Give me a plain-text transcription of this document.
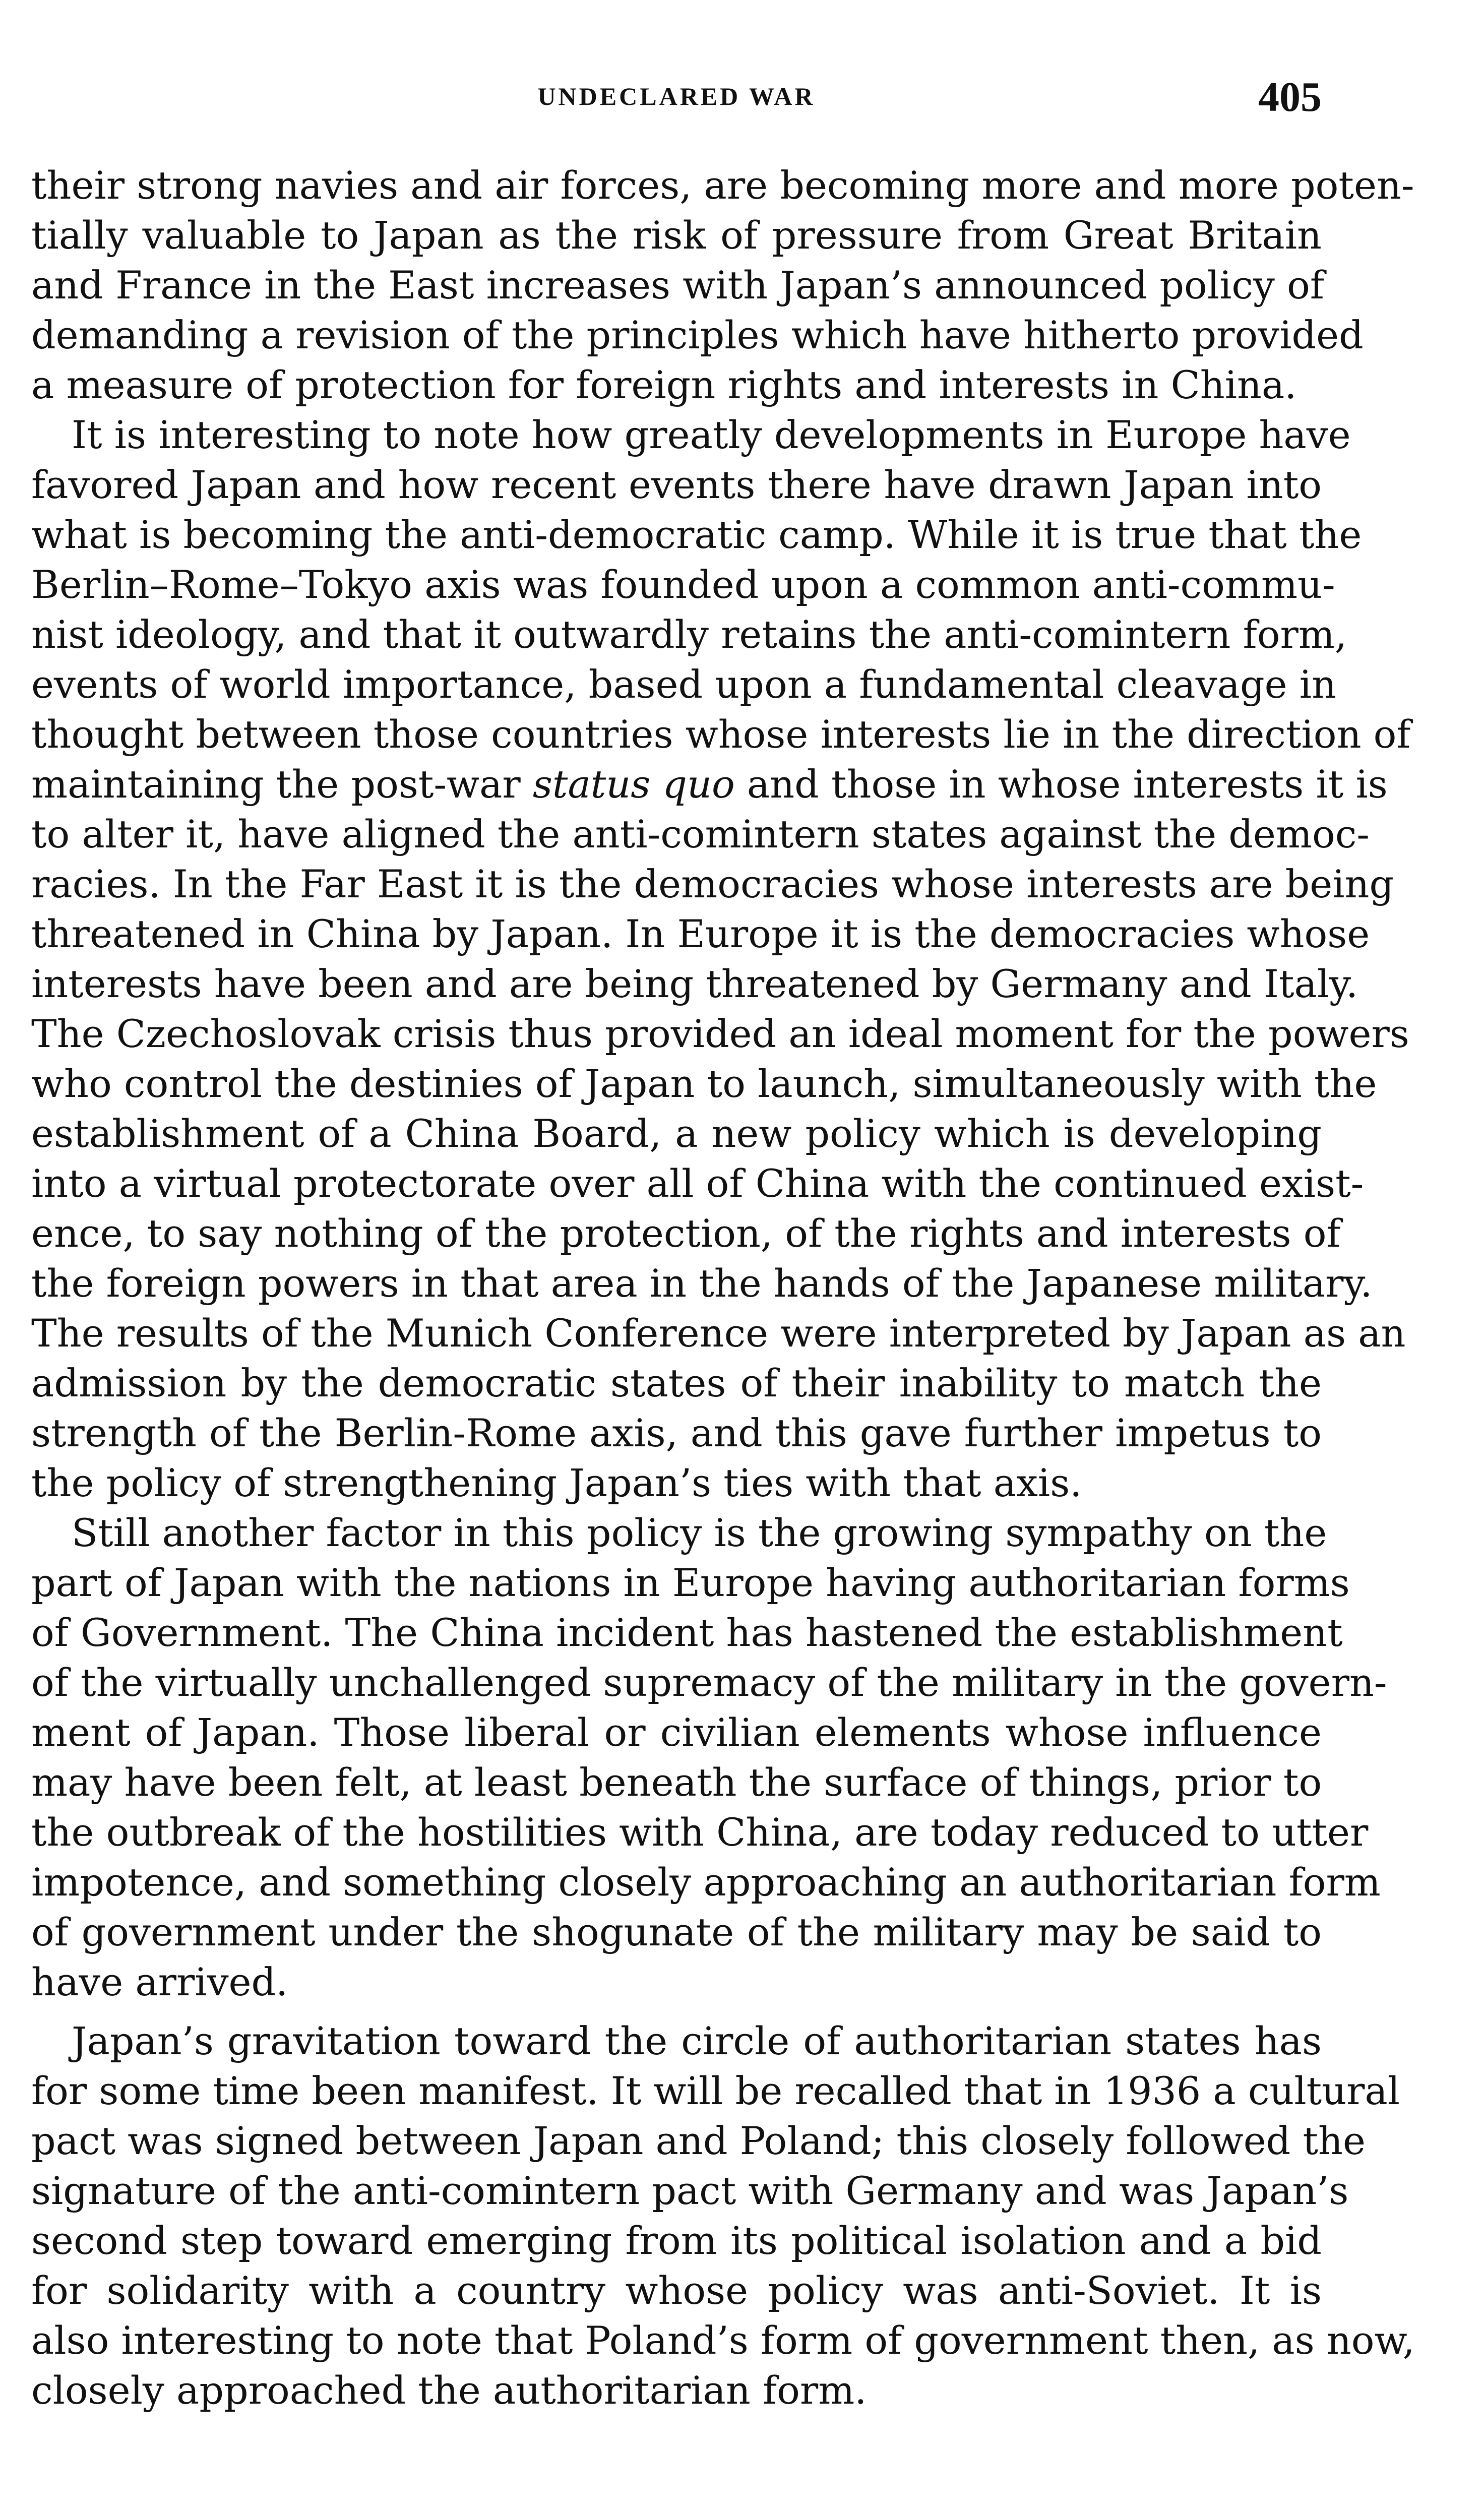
UNDECLARED WAR	405
their strong navies and air forces, are becoming more and more poten-
tially valuable to Japan as the risk of pressure from Great Britain
and France in the East increases with Japan’s announced policy of
demanding a revision of the principles which have hitherto provided
a measure of protection for foreign rights and interests in China.
It is interesting to note how greatly developments in Europe have
favored Japan and how recent events there have drawn Japan into
what is becoming the anti-democratic camp. While it is true that the
Berlin–Rome–Tokyo axis was founded upon a common anti-commu-
nist ideology, and that it outwardly retains the anti-comintern form,
events of world importance, based upon a fundamental cleavage in
thought between those countries whose interests lie in the direction of
maintaining the post-war status quo and those in whose interests it is
to alter it, have aligned the anti-comintern states against the democ-
racies. In the Far East it is the democracies whose interests are being
threatened in China by Japan. In Europe it is the democracies whose
interests have been and are being threatened by Germany and Italy.
The Czechoslovak crisis thus provided an ideal moment for the powers
who control the destinies of Japan to launch, simultaneously with the
establishment of a China Board, a new policy which is developing
into a virtual protectorate over all of China with the continued exist-
ence, to say nothing of the protection, of the rights and interests of
the foreign powers in that area in the hands of the Japanese military.
The results of the Munich Conference were interpreted by Japan as an
admission by the democratic states of their inability to match the
strength of the Berlin-Rome axis, and this gave further impetus to
the policy of strengthening Japan’s ties with that axis.
Still another factor in this policy is the growing sympathy on the
part of Japan with the nations in Europe having authoritarian forms
of Government. The China incident has hastened the establishment
of the virtually unchallenged supremacy of the military in the govern-
ment of Japan. Those liberal or civilian elements whose influence
may have been felt, at least beneath the surface of things, prior to
the outbreak of the hostilities with China, are today reduced to utter
impotence, and something closely approaching an authoritarian form
of government under the shogunate of the military may be said to
have arrived.
Japan’s gravitation toward the circle of authoritarian states has
for some time been manifest. It will be recalled that in 1936 a cultural
pact was signed between Japan and Poland; this closely followed the
signature of the anti-comintern pact with Germany and was Japan’s
second step toward emerging from its political isolation and a bid
for solidarity with a country whose policy was anti-Soviet. It is
also interesting to note that Poland’s form of government then, as now,
closely approached the authoritarian form.
